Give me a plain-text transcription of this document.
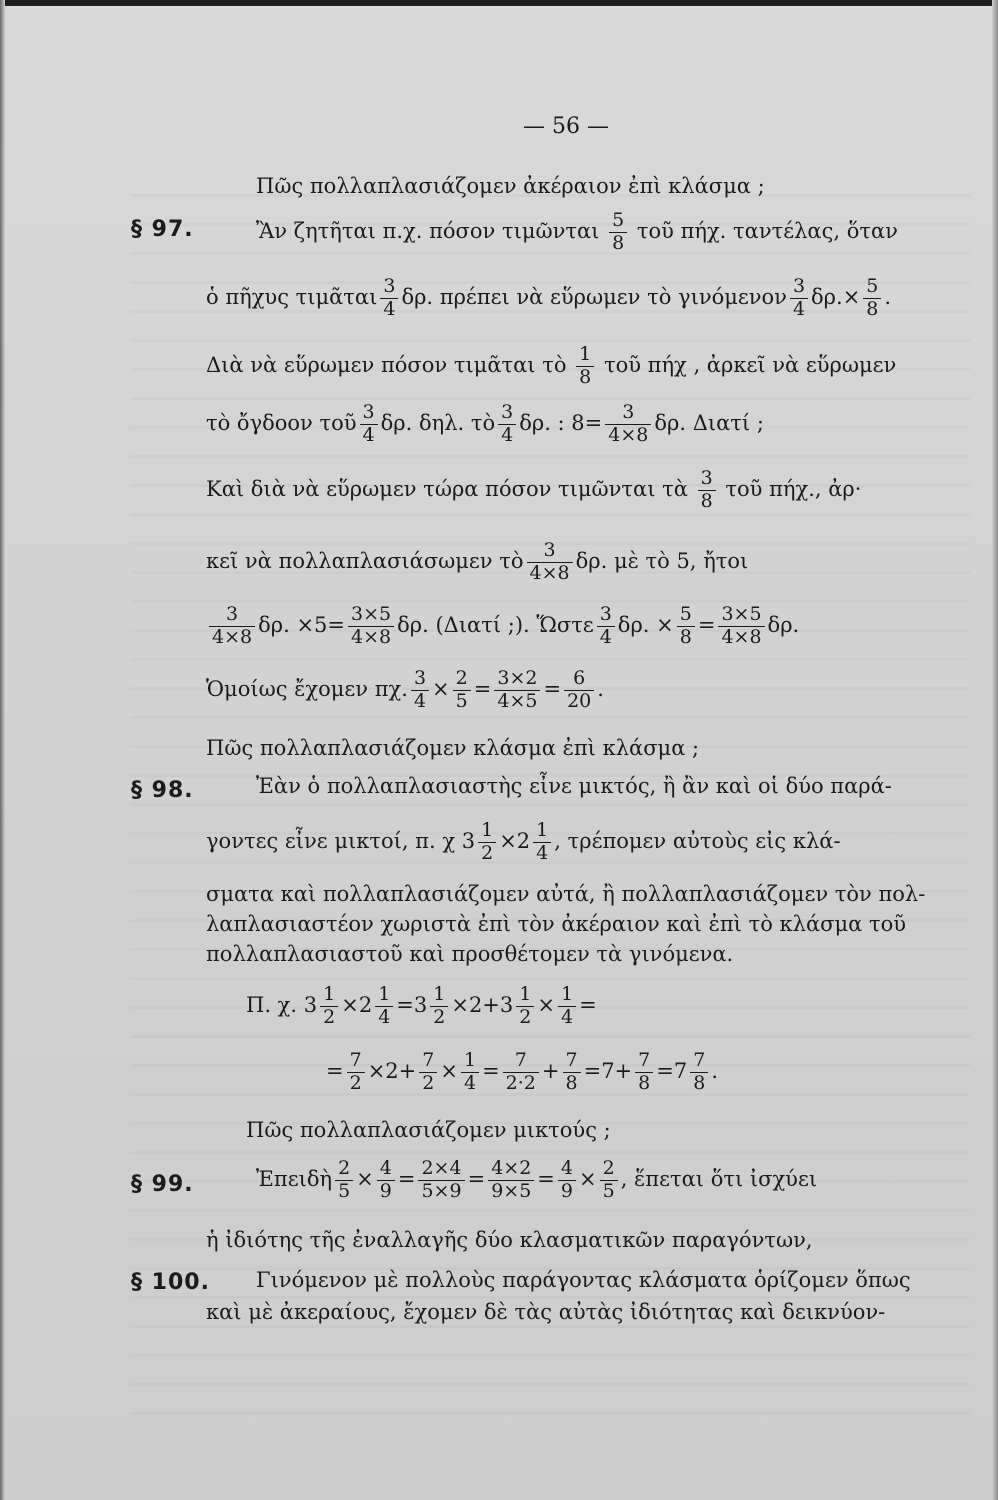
— 56 —
Πῶς πολλαπλασιάζομεν ἀκέραιον ἐπὶ κλάσμα ;
§ 97.	Ἂν ζητῆται π.χ. πόσον τιμῶνται $\frac{5}{8}$ τοῦ πήχ. ταντέλας, ὅταν
ὁ πῆχυς τιμᾶται $\frac{3}{4} \delta\rho$. πρέπει νὰ εὕρωμεν τὸ γινόμενον $\frac{3}{4} \delta\rho.\times \frac{5}{8}$ .
Διὰ νὰ εὕρωμεν πόσον τιμᾶται τὸ $\frac{1}{8}$ τοῦ πήχ , ἀρκεῖ νὰ εὕρωμεν
τὸ ὄγδοον τοῦ $\frac{3}{4} \delta\rho$. δηλ. τὸ $\frac{3}{4} \delta\rho$. : $8= \frac{3}{4\times 8} \delta\rho$. Διατί ;
Καὶ διὰ νὰ εὕρωμεν τώρα πόσον τιμῶνται τὰ $\frac{3}{8}$ τοῦ πήχ., ἀρ·
κεῖ νὰ πολλαπλασιάσωμεν τὸ $\frac{3}{4\times 8} \delta\rho$. μὲ τὸ 5, ἤτοι
$\frac{3}{4\times 8} \delta\rho$. $\times 5= \frac{3\times 5}{4\times 8} \delta\rho$. (Διατί ;). Ὥστε $\frac{3}{4} \delta\rho$. × $\frac{5}{8} = \frac{3\times 5}{4\times 8} \delta\rho$.
Ὁμοίως ἔχομεν πχ. $\frac{3}{4} \times \frac{2}{5} = \frac{3\times 2}{4\times 5} = \frac{6}{20}$ .
Πῶς πολλαπλασιάζομεν κλάσμα ἐπὶ κλάσμα ;
§ 98.	Ἐὰν ὁ πολλαπλασιαστὴς εἶνε μικτός, ἢ ἂν καὶ οἱ δύο παρά-
γοντες εἶνε μικτοί, π. χ $3 \frac{1}{2} \times 2 \frac{1}{4}$ , τρέπομεν αὐτοὺς εἰς κλά-
σματα καὶ πολλαπλασιάζομεν αὐτά, ἢ πολλαπλασιάζομεν τὸν πολ-
λαπλασιαστέον χωριστὰ ἐπὶ τὸν ἀκέραιον καὶ ἐπὶ τὸ κλάσμα τοῦ
πολλαπλασιαστοῦ καὶ προσθέτομεν τὰ γινόμενα.
Π. χ. $3 \frac{1}{2} \times 2 \frac{1}{4} =3 \frac{1}{2} \times 2+3 \frac{1}{2} \times \frac{1}{4}$ =
= $\frac{7}{2} \times 2+ \frac{7}{2} \times \frac{1}{4} = \frac{7}{2\cdot 2} + \frac{7}{8} =7+ \frac{7}{8} =7 \frac{7}{8}$ .
Πῶς πολλαπλασιάζομεν μικτούς ;
§ 99.	Ἐπειδὴ $\frac{2}{5} \times \frac{4}{9} = \frac{2\times 4}{5\times 9} = \frac{4\times 2}{9\times 5} = \frac{4}{9} \times \frac{2}{5}$ , ἕπεται ὅτι ἰσχύει
ἡ ἰδιότης τῆς ἐναλλαγῆς δύο κλασματικῶν παραγόντων,
§ 100. Γινόμενον μὲ πολλοὺς παράγοντας κλάσματα ὁρίζομεν ὅπως
καὶ μὲ ἀκεραίους, ἔχομεν δὲ τὰς αὐτὰς ἰδιότητας καὶ δεικνύον-
